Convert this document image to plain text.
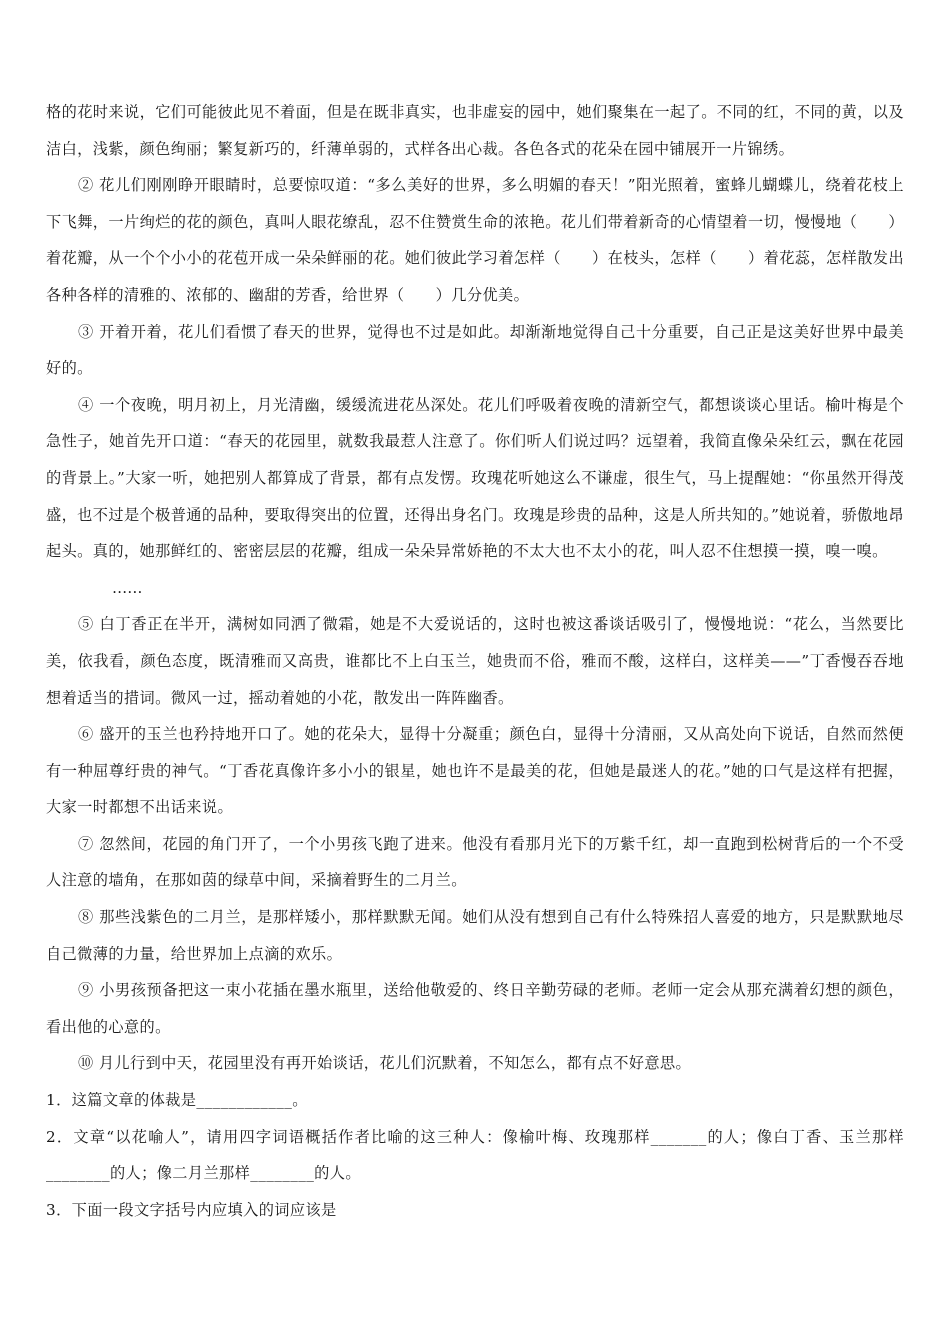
格的花时来说，它们可能彼此见不着面，但是在既非真实，也非虚妄的园中，她们聚集在一起了。不同的红，不同的黄，以及洁白，浅紫，颜色绚丽；繁复新巧的，纤薄单弱的，式样各出心裁。各色各式的花朵在园中铺展开一片锦绣。

② 花儿们刚刚睁开眼睛时，总要惊叹道：“多么美好的世界，多么明媚的春天！”阳光照着，蜜蜂儿蝴蝶儿，绕着花枝上下飞舞，一片绚烂的花的颜色，真叫人眼花缭乱，忍不住赞赏生命的浓艳。花儿们带着新奇的心情望着一切，慢慢地（　　）着花瓣，从一个个小小的花苞开成一朵朵鲜丽的花。她们彼此学习着怎样（　　）在枝头，怎样（　　）着花蕊，怎样散发出各种各样的清雅的、浓郁的、幽甜的芳香，给世界（　　）几分优美。

③ 开着开着，花儿们看惯了春天的世界，觉得也不过是如此。却渐渐地觉得自己十分重要，自己正是这美好世界中最美好的。

④ 一个夜晚，明月初上，月光清幽，缓缓流进花丛深处。花儿们呼吸着夜晚的清新空气，都想谈谈心里话。榆叶梅是个急性子，她首先开口道：“春天的花园里，就数我最惹人注意了。你们听人们说过吗？远望着，我简直像朵朵红云，飘在花园的背景上。”大家一听，她把别人都算成了背景，都有点发愣。玫瑰花听她这么不谦虚，很生气，马上提醒她：“你虽然开得茂盛，也不过是个极普通的品种，要取得突出的位置，还得出身名门。玫瑰是珍贵的品种，这是人所共知的。”她说着，骄傲地昂起头。真的，她那鲜红的、密密层层的花瓣，组成一朵朵异常娇艳的不太大也不太小的花，叫人忍不住想摸一摸，嗅一嗅。

……

⑤ 白丁香正在半开，满树如同洒了微霜，她是不大爱说话的，这时也被这番谈话吸引了，慢慢地说：“花么，当然要比美，依我看，颜色态度，既清雅而又高贵，谁都比不上白玉兰，她贵而不俗，雅而不酸，这样白，这样美——”丁香慢吞吞地想着适当的措词。微风一过，摇动着她的小花，散发出一阵阵幽香。

⑥ 盛开的玉兰也矜持地开口了。她的花朵大，显得十分凝重；颜色白，显得十分清丽，又从高处向下说话，自然而然便有一种屈尊纡贵的神气。“丁香花真像许多小小的银星，她也许不是最美的花，但她是最迷人的花。”她的口气是这样有把握，大家一时都想不出话来说。

⑦ 忽然间，花园的角门开了，一个小男孩飞跑了进来。他没有看那月光下的万紫千红，却一直跑到松树背后的一个不受人注意的墙角，在那如茵的绿草中间，采摘着野生的二月兰。

⑧ 那些浅紫色的二月兰，是那样矮小，那样默默无闻。她们从没有想到自己有什么特殊招人喜爱的地方，只是默默地尽自己微薄的力量，给世界加上点滴的欢乐。

⑨ 小男孩预备把这一束小花插在墨水瓶里，送给他敬爱的、终日辛勤劳碌的老师。老师一定会从那充满着幻想的颜色，看出他的心意的。

⑩ 月儿行到中天，花园里没有再开始谈话，花儿们沉默着，不知怎么，都有点不好意思。

1．这篇文章的体裁是____________。

2．文章“以花喻人”，请用四字词语概括作者比喻的这三种人：像榆叶梅、玫瑰那样_______的人；像白丁香、玉兰那样________的人；像二月兰那样________的人。

3．下面一段文字括号内应填入的词应该是
